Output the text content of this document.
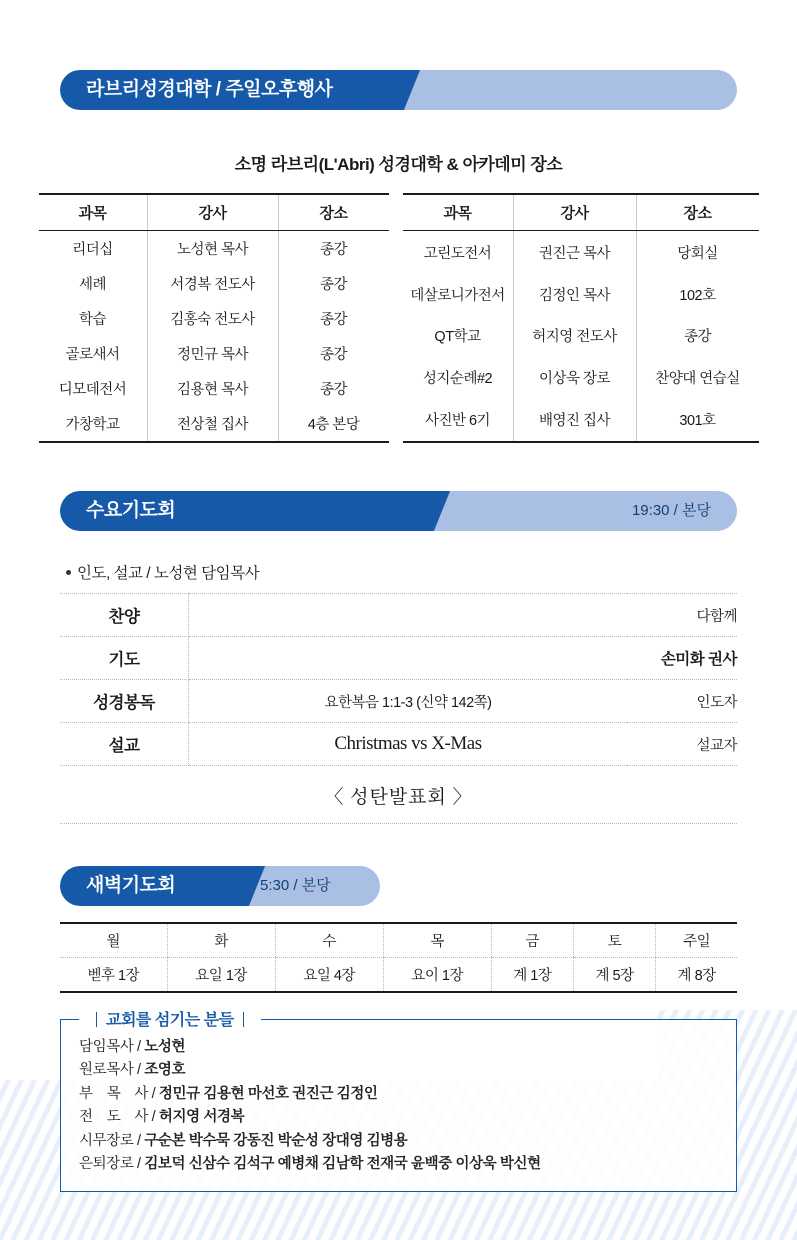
라브리성경대학 / 주일오후행사
소명 라브리(L'Abri) 성경대학 & 아카데미 장소
과목	강사	장소
리더십	노성현 목사	종강
세례	서경복 전도사	종강
학습	김홍숙 전도사	종강
골로새서	정민규 목사	종강
디모데전서	김용현 목사	종강
가창학교	전상철 집사	4층 본당
과목	강사	장소
고린도전서	권진근 목사	당회실
데살로니가전서	김정인 목사	102호
QT학교	허지영 전도사	종강
성지순례#2	이상욱 장로	찬양대 연습실
사진반 6기	배영진 집사	301호
수요기도회	19:30 / 본당
인도, 설교 / 노성현 담임목사
찬양		다함께
기도		손미화 권사
성경봉독	요한복음 1:1-3 (신약 142쪽)	인도자
설교	Christmas vs X-Mas	설교자
〈 성탄발표회 〉
새벽기도회	5:30 / 본당
월	화	수	목	금	토	주일
벧후 1장	요일 1장	요일 4장	요이 1장	계 1장	계 5장	계 8장
교회를 섬기는 분들
담임목사 / 노성현
원로목사 / 조영호
부　목　사 / 정민규 김용현 마선호 권진근 김정인
전　도　사 / 허지영 서경복
시무장로 / 구순본 박수묵 강동진 박순성 장대영 김병용
은퇴장로 / 김보덕 신삼수 김석구 예병채 김남학 전재국 윤백중 이상욱 박신현
